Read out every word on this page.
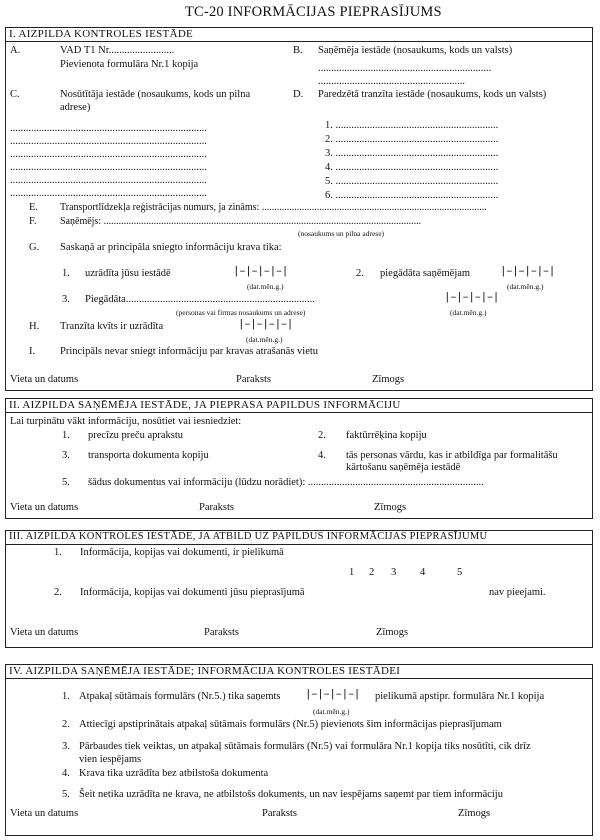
TC-20 INFORMĀCIJAS PIEPRASĪJUMS
I. AIZPILDA KONTROLES IESTĀDE
A.	VAD T1 Nr.........................
Pievienota formulāra Nr.1 kopija
B. Saņēmēja iestāde (nosaukums, kods un valsts)
..................................................................
........................................................
C.	Nosūtītāja iestāde (nosaukums, kods un pilna
adrese)
D. Paredzētā tranzīta iestāde (nosaukums, kods un valsts)
...........................................................................
...........................................................................
...........................................................................
...........................................................................
...........................................................................
...........................................................................
1. ..............................................................
2. ..............................................................
3. ..............................................................
4. ..............................................................
5. ..............................................................
6. ..............................................................
E. Transportlīdzekļa reģistrācijas numurs, ja zināms: ..........................................................................................
F. Saņēmējs: ...............................................................................................................................
(nosaukums un pilna adrese)
G. Saskaņā ar principāla sniegto informāciju krava tika:
1. uzrādīta jūsu iestādē	|–|–|–|–|
(dat.mēn.g.)
2. piegādāta saņēmējam	|–|–|–|–|
(dat.mēn.g.)
3. Piegādāta........................................................................	|–|–|–|–|
(personas vai firmas nosaukums un adrese)	(dat.mēn.g.)
H. Tranzīta kvīts ir uzrādīta	|–|–|–|–|
(dat.mēn.g.)
I. Principāls nevar sniegt informāciju par kravas atrašanās vietu
Vieta un datums	Paraksts	Zīmogs
II. AIZPILDA SAŅĒMĒJA IESTĀDE, JA PIEPRASA PAPILDUS INFORMĀCIJU
Lai turpinātu vākt informāciju, nosūtiet vai iesniedziet:
1. precīzu preču aprakstu	2. faktūrrēķina kopiju
3. transporta dokumenta kopiju	4. tās personas vārdu, kas ir atbildīga par formalitāšu
kārtošanu saņēmēja iestādē
5. šādus dokumentus vai informāciju (lūdzu norādiet): ...................................................................
Vieta un datums	Paraksts	Zīmogs
III. AIZPILDA KONTROLES IESTĀDE, JA ATBILD UZ PAPILDUS INFORMĀCIJAS PIEPRASĪJUMU
1. Informācija, kopijas vai dokumenti, ir pielikumā
1 2 3 4	5
2. Informācija, kopijas vai dokumenti jūsu pieprasījumā	nav pieejami.
Vieta un datums	Paraksts	Zīmogs
IV. AIZPILDA SAŅĒMĒJA IESTĀDE; INFORMĀCIJA KONTROLES IESTĀDEI
1. Atpakaļ sūtāmais formulārs (Nr.5.) tika saņemts |–|–|–|–| pielikumā apstipr. formulāra Nr.1 kopija
(dat.mēn.g.)
2. Attiecīgi apstiprinātais atpakaļ sūtāmais formulārs (Nr.5) pievienots šim informācijas pieprasījumam
3. Pārbaudes tiek veiktas, un atpakaļ sūtāmais formulārs (Nr.5) vai formulāra Nr.1 kopija tiks nosūtīti, cik drīz
vien iespējams
4. Krava tika uzrādīta bez atbilstoša dokumenta
5. Šeit netika uzrādīta ne krava, ne atbilstošs dokuments, un nav iespējams saņemt par tiem informāciju
Vieta un datums	Paraksts	Zīmogs
